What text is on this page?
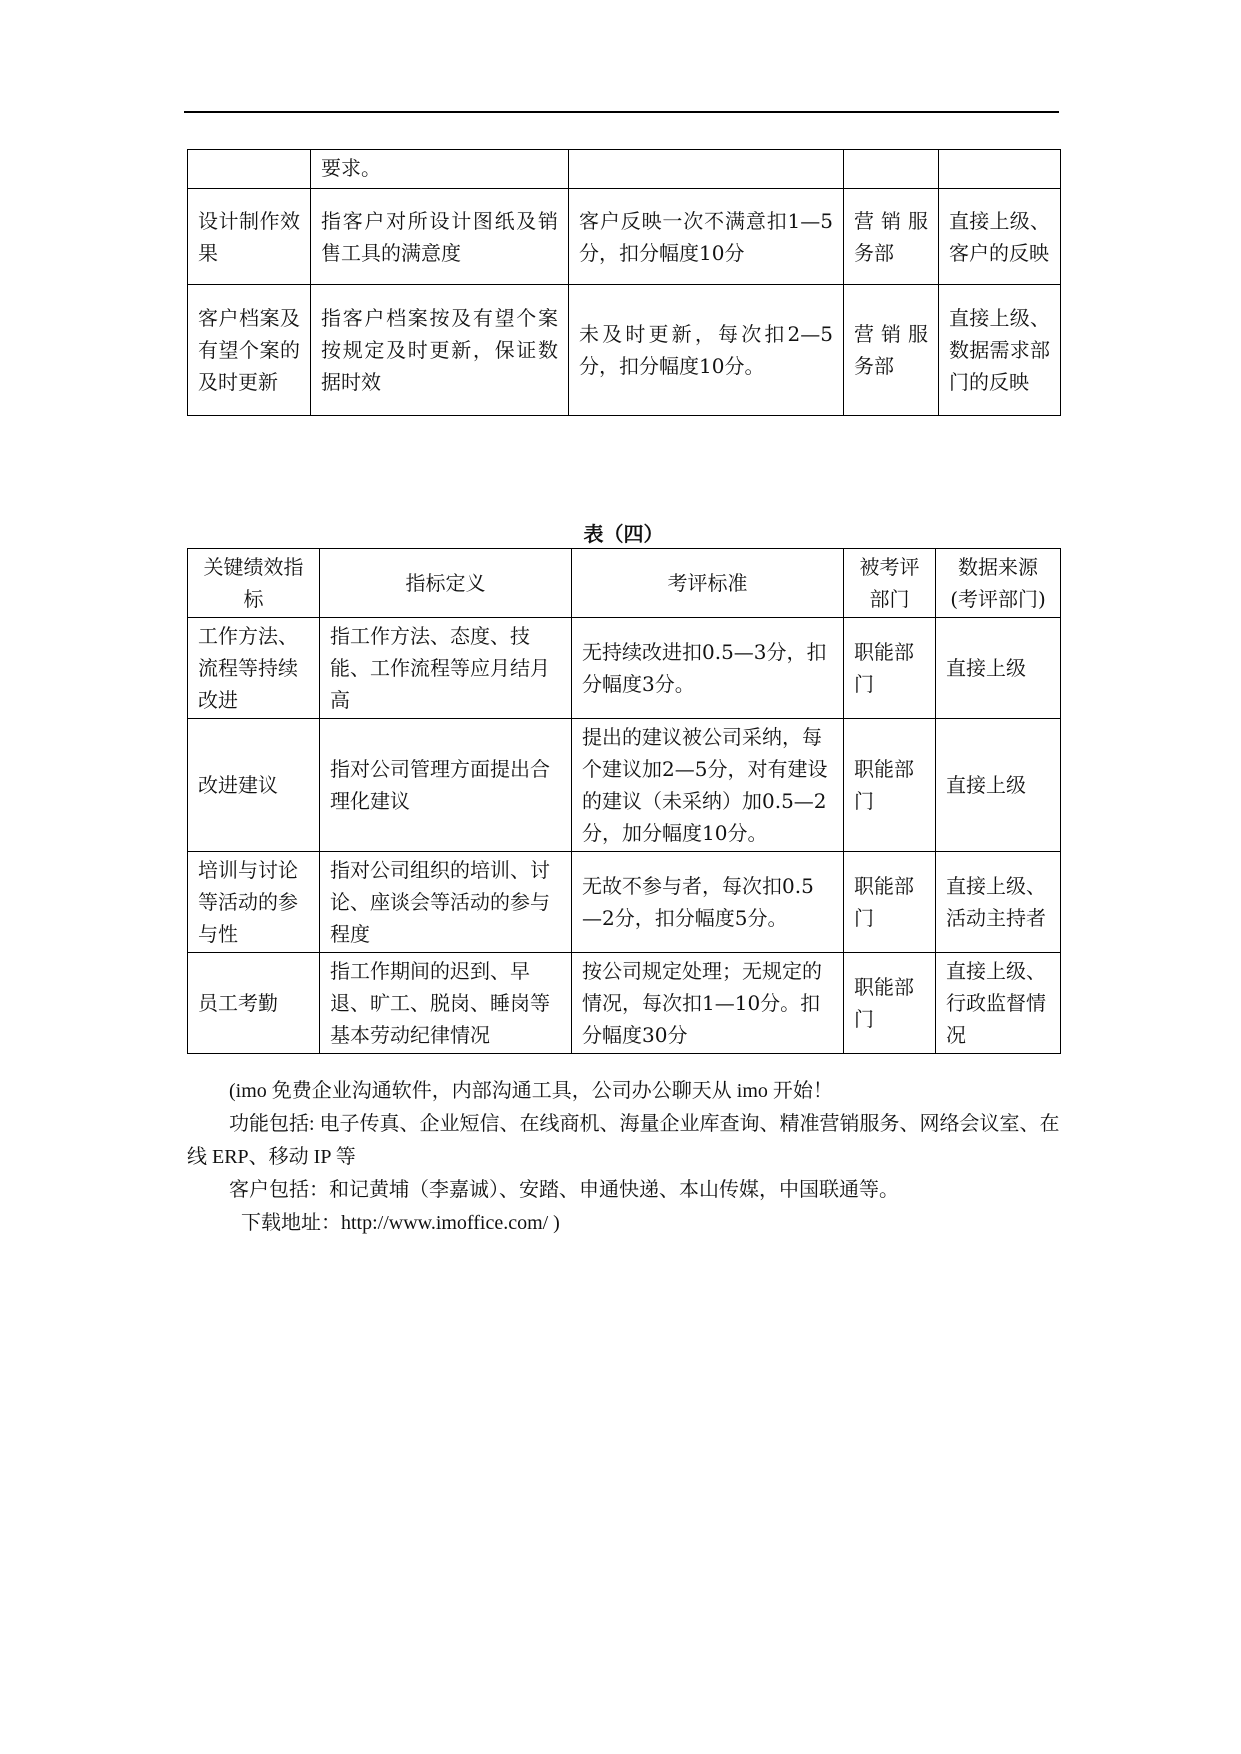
	要求。			
设计制作效果	指客户对所设计图纸及销售工具的满意度	客户反映一次不满意扣1—5分，扣分幅度10分	营销服务部	直接上级、客户的反映
客户档案及有望个案的及时更新	指客户档案按及有望个案按规定及时更新，保证数据时效	未及时更新，每次扣2—5分，扣分幅度10分。	营销服务部	直接上级、数据需求部门的反映
表（四）
关键绩效指标	指标定义	考评标准	被考评部门	数据来源(考评部门)
工作方法、流程等持续改进	指工作方法、态度、技能、工作流程等应月结月高	无持续改进扣0.5—3分，扣分幅度3分。	职能部门	直接上级
改进建议	指对公司管理方面提出合理化建议	提出的建议被公司采纳，每个建议加2—5分，对有建设的建议（未采纳）加0.5—2分，加分幅度10分。	职能部门	直接上级
培训与讨论等活动的参与性	指对公司组织的培训、讨论、座谈会等活动的参与程度	无故不参与者，每次扣0.5—2分，扣分幅度5分。	职能部门	直接上级、活动主持者
员工考勤	指工作期间的迟到、早退、旷工、脱岗、睡岗等基本劳动纪律情况	按公司规定处理；无规定的情况，每次扣1—10分。扣分幅度30分	职能部门	直接上级、行政监督情况

(imo 免费企业沟通软件，内部沟通工具，公司办公聊天从 imo 开始！

功能包括: 电子传真、企业短信、在线商机、海量企业库查询、精准营销服务、网络会议室、在线 ERP、移动 IP 等

客户包括：和记黄埔（李嘉诚）、安踏、申通快递、本山传媒，中国联通等。

下载地址：http://www.imoffice.com/ )
